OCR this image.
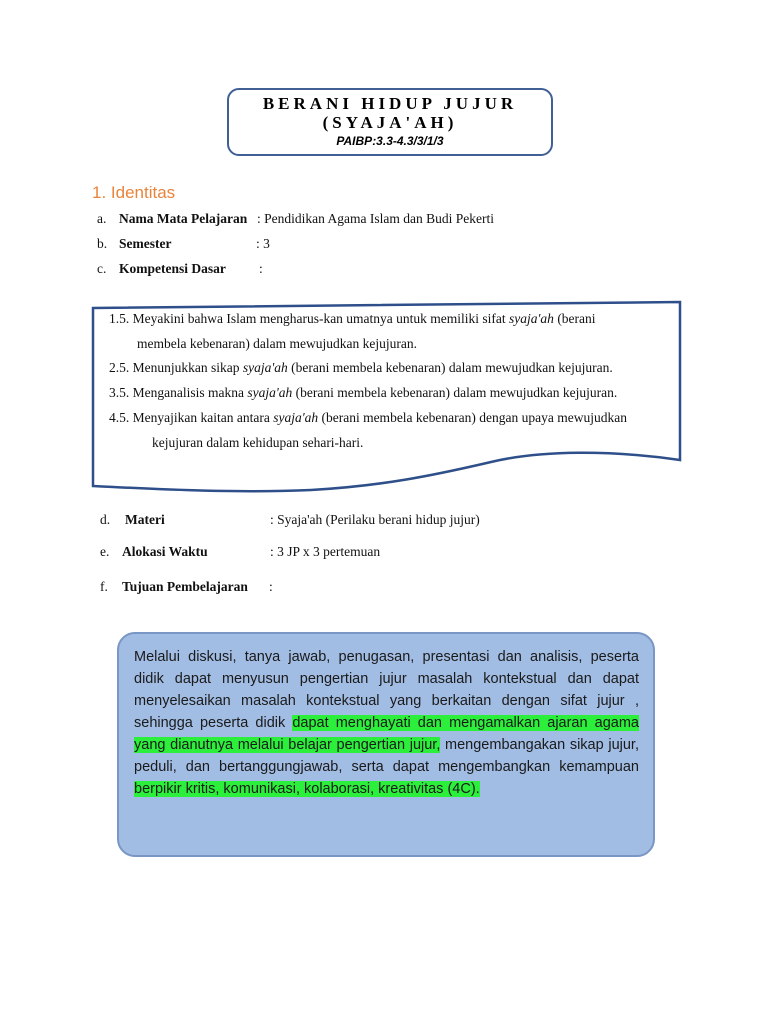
BERANI HIDUP JUJUR
(SYAJA'AH)
PAIBP:3.3-4.3/3/1/3
1. Identitas
a. Nama Mata Pelajaran : Pendidikan Agama Islam dan Budi Pekerti
b. Semester	: 3
c. Kompetensi Dasar :
1.5. Meyakini bahwa Islam mengharus-kan umatnya untuk memiliki sifat syaja'ah (berani
membela kebenaran) dalam mewujudkan kejujuran.
2.5. Menunjukkan sikap syaja'ah (berani membela kebenaran) dalam mewujudkan kejujuran.
3.5. Menganalisis makna syaja'ah (berani membela kebenaran) dalam mewujudkan kejujuran.
4.5. Menyajikan kaitan antara syaja'ah (berani membela kebenaran) dengan upaya mewujudkan
kejujuran dalam kehidupan sehari-hari.
d. Materi	: Syaja'ah (Perilaku berani hidup jujur)
e. Alokasi Waktu	: 3 JP x 3 pertemuan
f. Tujuan Pembelajaran :
Melalui diskusi, tanya jawab, penugasan, presentasi dan analisis, peserta didik dapat menyusun pengertian jujur masalah kontekstual dan dapat menyelesaikan masalah kontekstual yang berkaitan dengan sifat jujur , sehingga peserta didik dapat menghayati dan mengamalkan ajaran agama yang dianutnya melalui belajar pengertian jujur, mengembangakan sikap jujur, peduli, dan bertanggungjawab, serta dapat mengembangkan kemampuan berpikir kritis, komunikasi, kolaborasi, kreativitas (4C).
